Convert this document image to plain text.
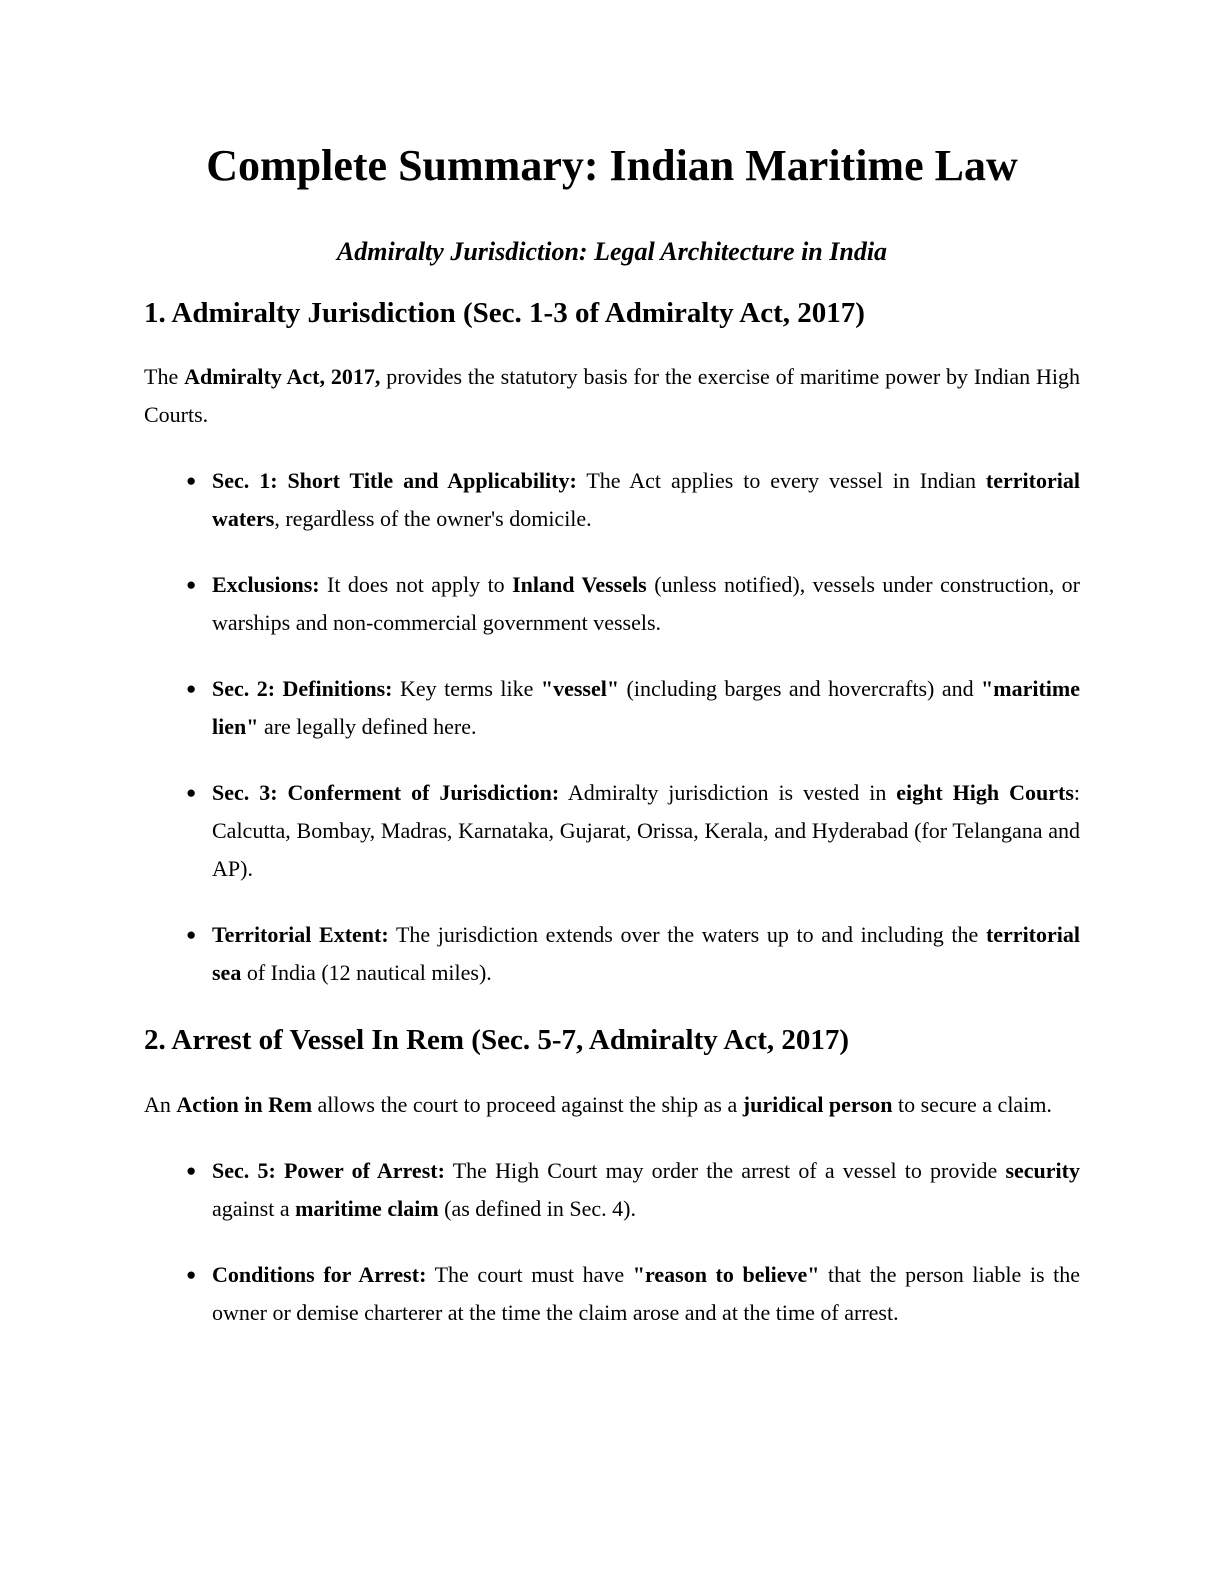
Complete Summary: Indian Maritime Law

Admiralty Jurisdiction: Legal Architecture in India

1. Admiralty Jurisdiction (Sec. 1-3 of Admiralty Act, 2017)

The Admiralty Act, 2017, provides the statutory basis for the exercise of maritime power by Indian High Courts.

● Sec. 1: Short Title and Applicability: The Act applies to every vessel in Indian territorial waters, regardless of the owner's domicile.
● Exclusions: It does not apply to Inland Vessels (unless notified), vessels under construction, or warships and non-commercial government vessels.
● Sec. 2: Definitions: Key terms like "vessel" (including barges and hovercrafts) and "maritime lien" are legally defined here.
● Sec. 3: Conferment of Jurisdiction: Admiralty jurisdiction is vested in eight High Courts: Calcutta, Bombay, Madras, Karnataka, Gujarat, Orissa, Kerala, and Hyderabad (for Telangana and AP).
● Territorial Extent: The jurisdiction extends over the waters up to and including the territorial sea of India (12 nautical miles).
2. Arrest of Vessel In Rem (Sec. 5-7, Admiralty Act, 2017)

An Action in Rem allows the court to proceed against the ship as a juridical person to secure a claim.

● Sec. 5: Power of Arrest: The High Court may order the arrest of a vessel to provide security against a maritime claim (as defined in Sec. 4).
● Conditions for Arrest: The court must have "reason to believe" that the person liable is the owner or demise charterer at the time the claim arose and at the time of arrest.
